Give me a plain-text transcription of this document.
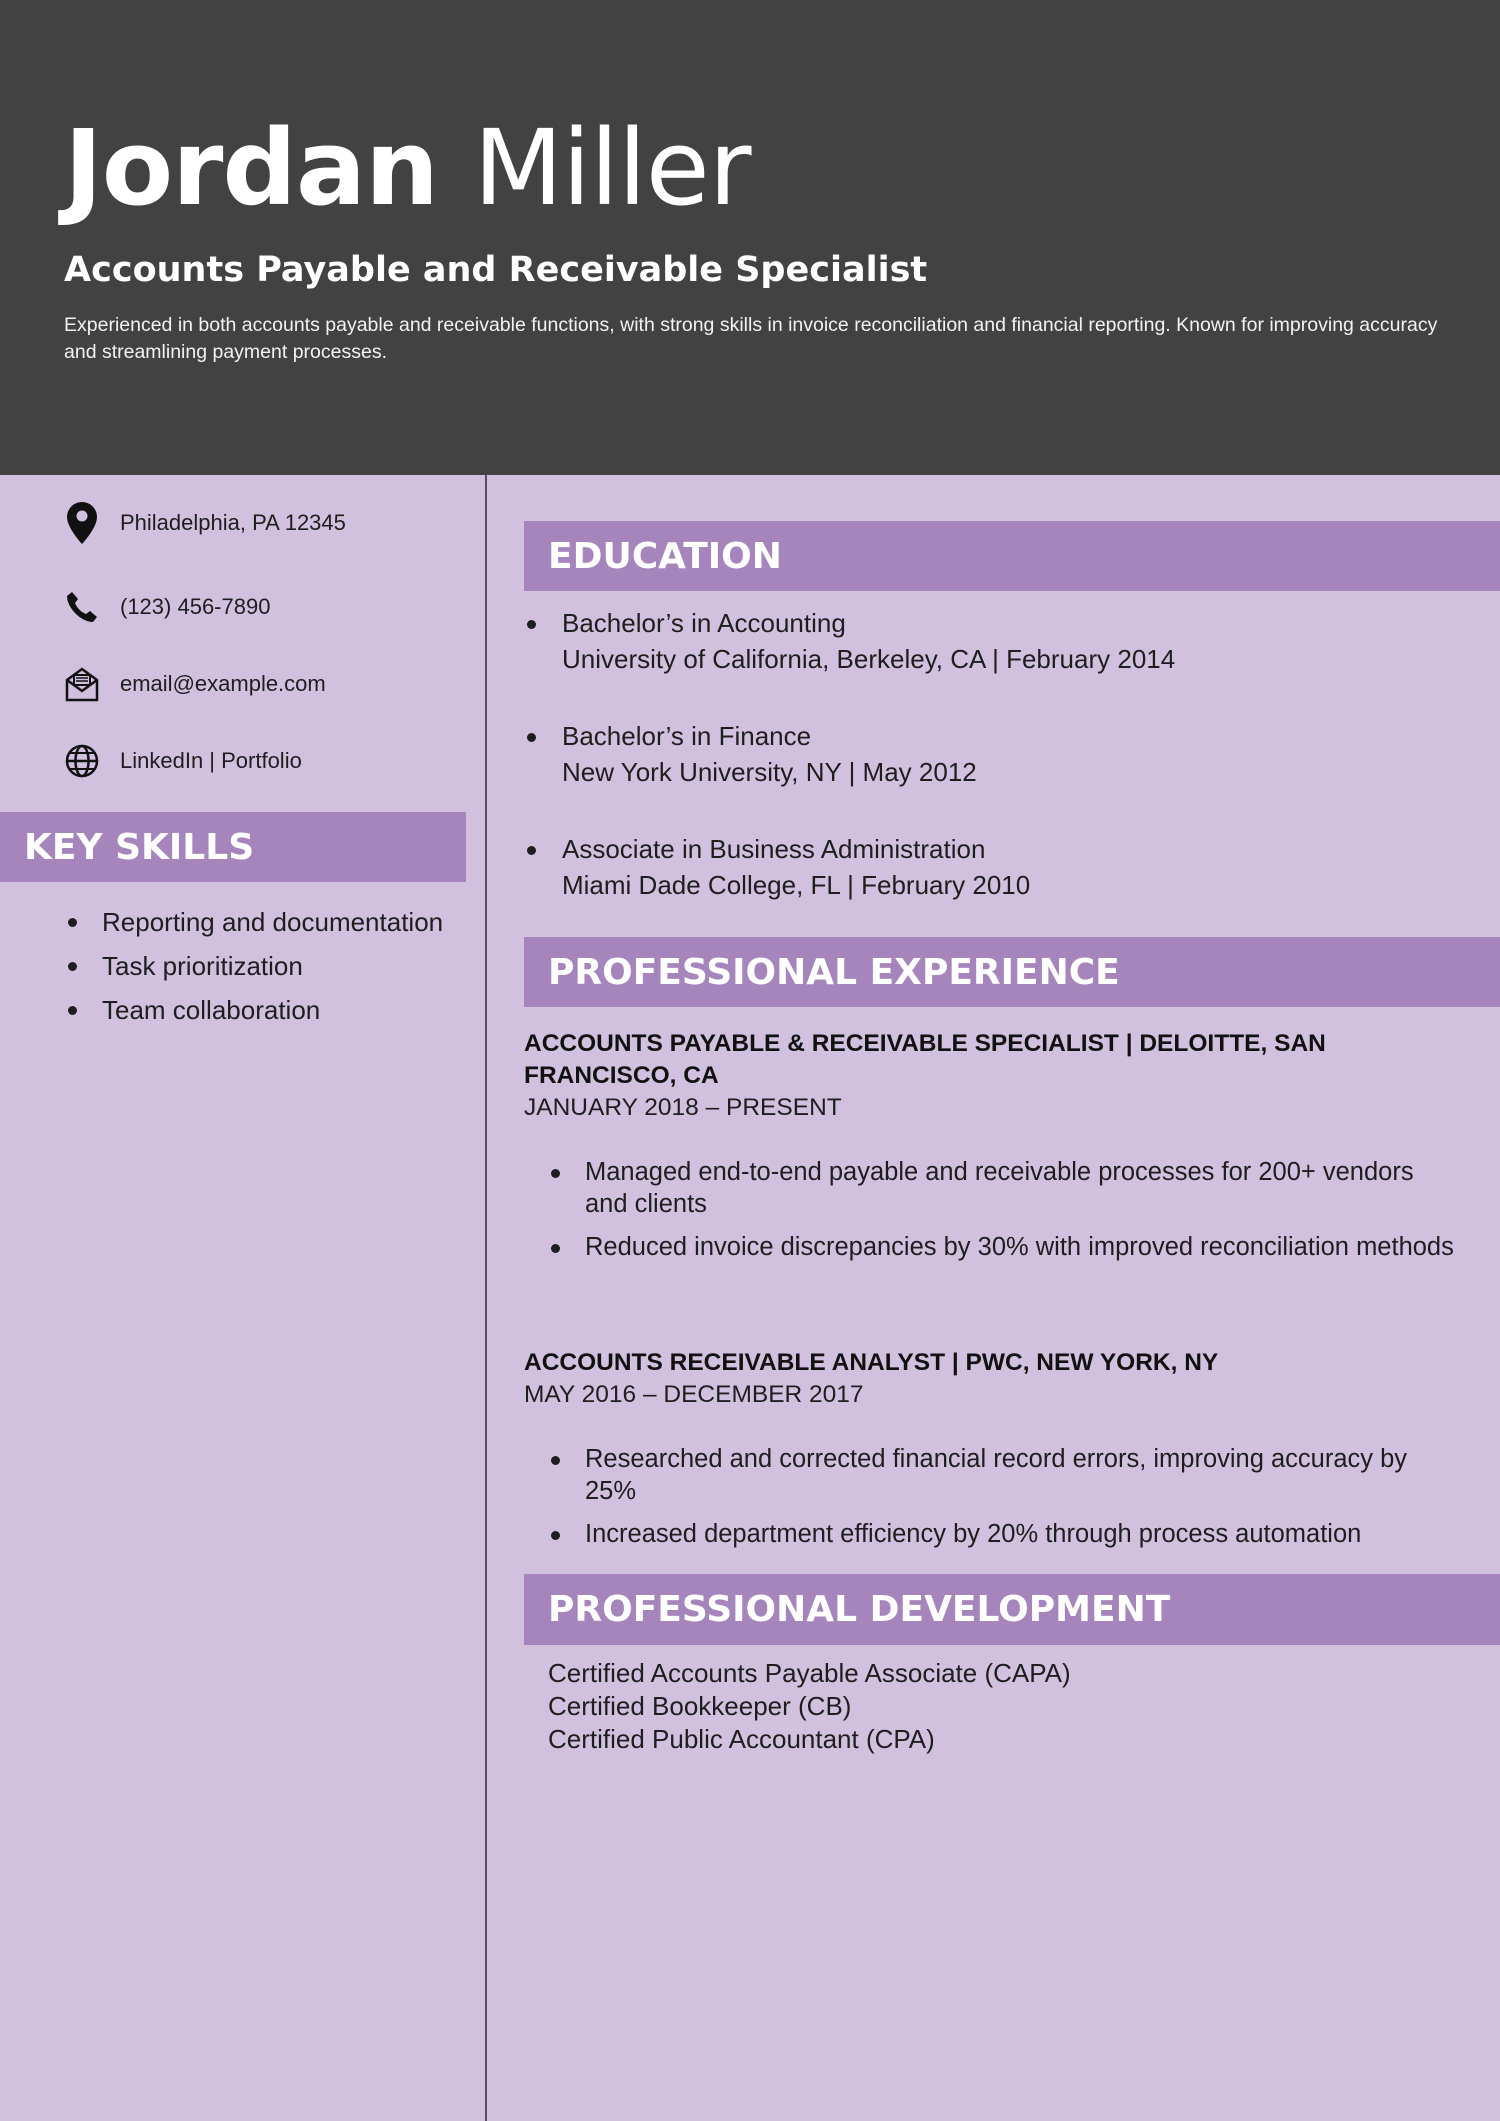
Jordan Miller
Accounts Payable and Receivable Specialist

Experienced in both accounts payable and receivable functions, with strong skills in invoice reconciliation and financial reporting. Known for improving accuracy and streamlining payment processes.

Philadelphia, PA 12345
(123) 456-7890
email@example.com
LinkedIn | Portfolio
KEY SKILLS
Reporting and documentation
Task prioritization
Team collaboration
EDUCATION
Bachelor’s in Accounting
University of California, Berkeley, CA | February 2014
Bachelor’s in Finance
New York University, NY | May 2012
Associate in Business Administration
Miami Dade College, FL | February 2010
PROFESSIONAL EXPERIENCE
ACCOUNTS PAYABLE & RECEIVABLE SPECIALIST | DELOITTE, SAN FRANCISCO, CA
JANUARY 2018 – PRESENT
Managed end-to-end payable and receivable processes for 200+ vendors and clients
Reduced invoice discrepancies by 30% with improved reconciliation methods
ACCOUNTS RECEIVABLE ANALYST | PWC, NEW YORK, NY
MAY 2016 – DECEMBER 2017
Researched and corrected financial record errors, improving accuracy by 25%
Increased department efficiency by 20% through process automation
PROFESSIONAL DEVELOPMENT
Certified Accounts Payable Associate (CAPA)
Certified Bookkeeper (CB)
Certified Public Accountant (CPA)
